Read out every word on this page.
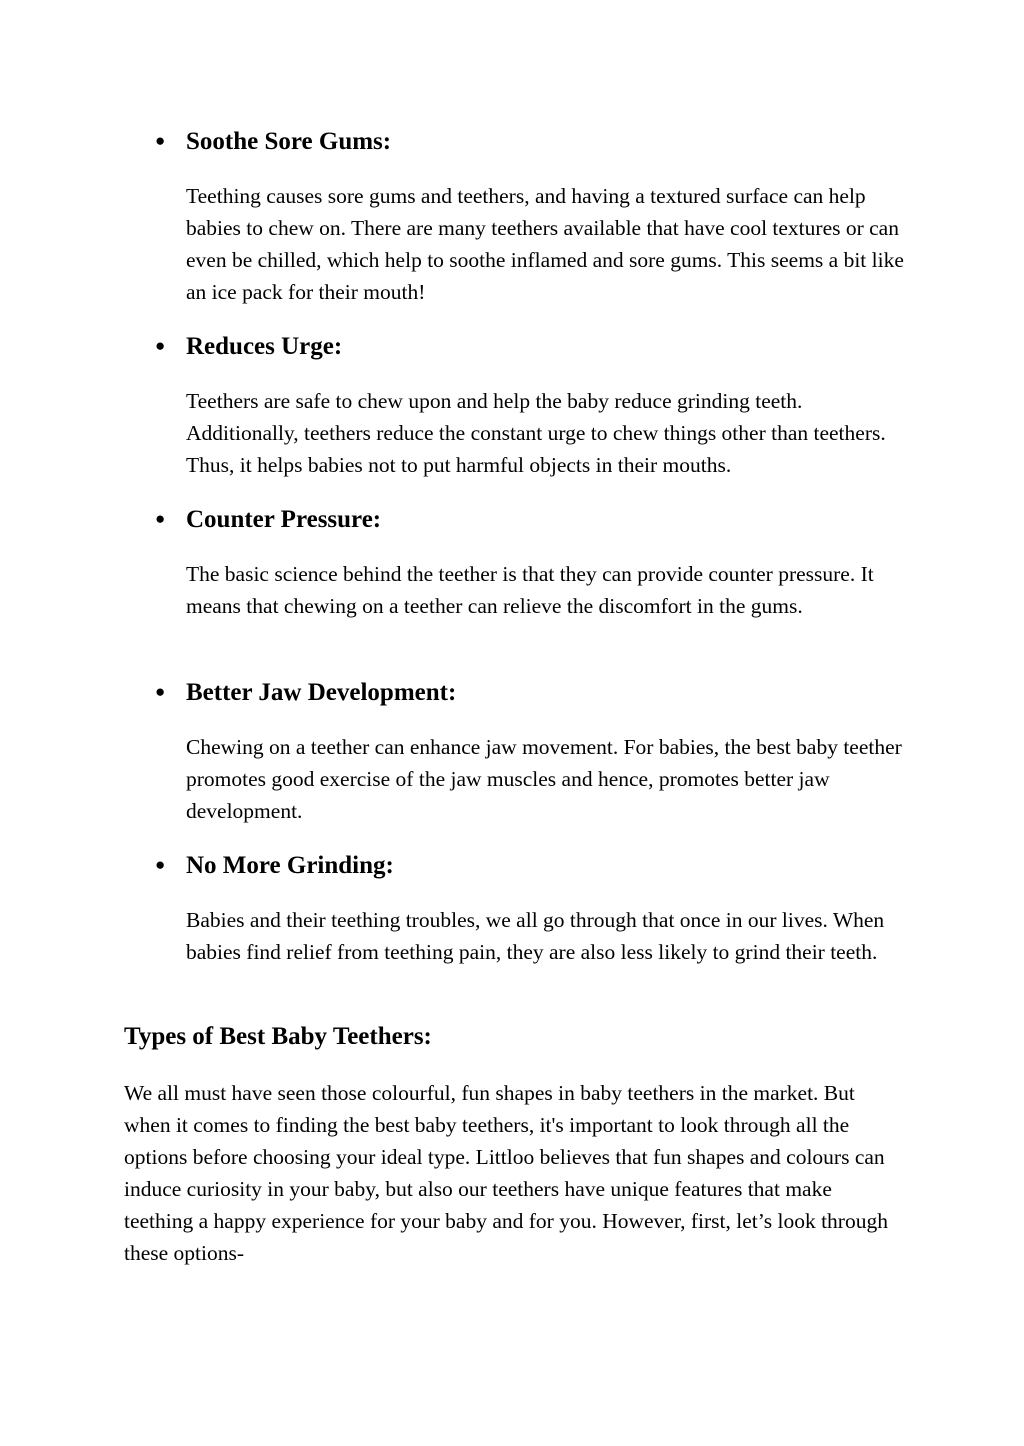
● Soothe Sore Gums:

Teething causes sore gums and teethers, and having a textured surface can help babies to chew on. There are many teethers available that have cool textures or can even be chilled, which help to soothe inflamed and sore gums. This seems a bit like an ice pack for their mouth!

● Reduces Urge:

Teethers are safe to chew upon and help the baby reduce grinding teeth. Additionally, teethers reduce the constant urge to chew things other than teethers. Thus, it helps babies not to put harmful objects in their mouths.

● Counter Pressure:

The basic science behind the teether is that they can provide counter pressure. It means that chewing on a teether can relieve the discomfort in the gums.

● Better Jaw Development:

Chewing on a teether can enhance jaw movement. For babies, the best baby teether promotes good exercise of the jaw muscles and hence, promotes better jaw development.

● No More Grinding:

Babies and their teething troubles, we all go through that once in our lives. When babies find relief from teething pain, they are also less likely to grind their teeth.

Types of Best Baby Teethers:

We all must have seen those colourful, fun shapes in baby teethers in the market. But when it comes to finding the best baby teethers, it's important to look through all the options before choosing your ideal type. Littloo believes that fun shapes and colours can induce curiosity in your baby, but also our teethers have unique features that make teething a happy experience for your baby and for you. However, first, let’s look through these options-
